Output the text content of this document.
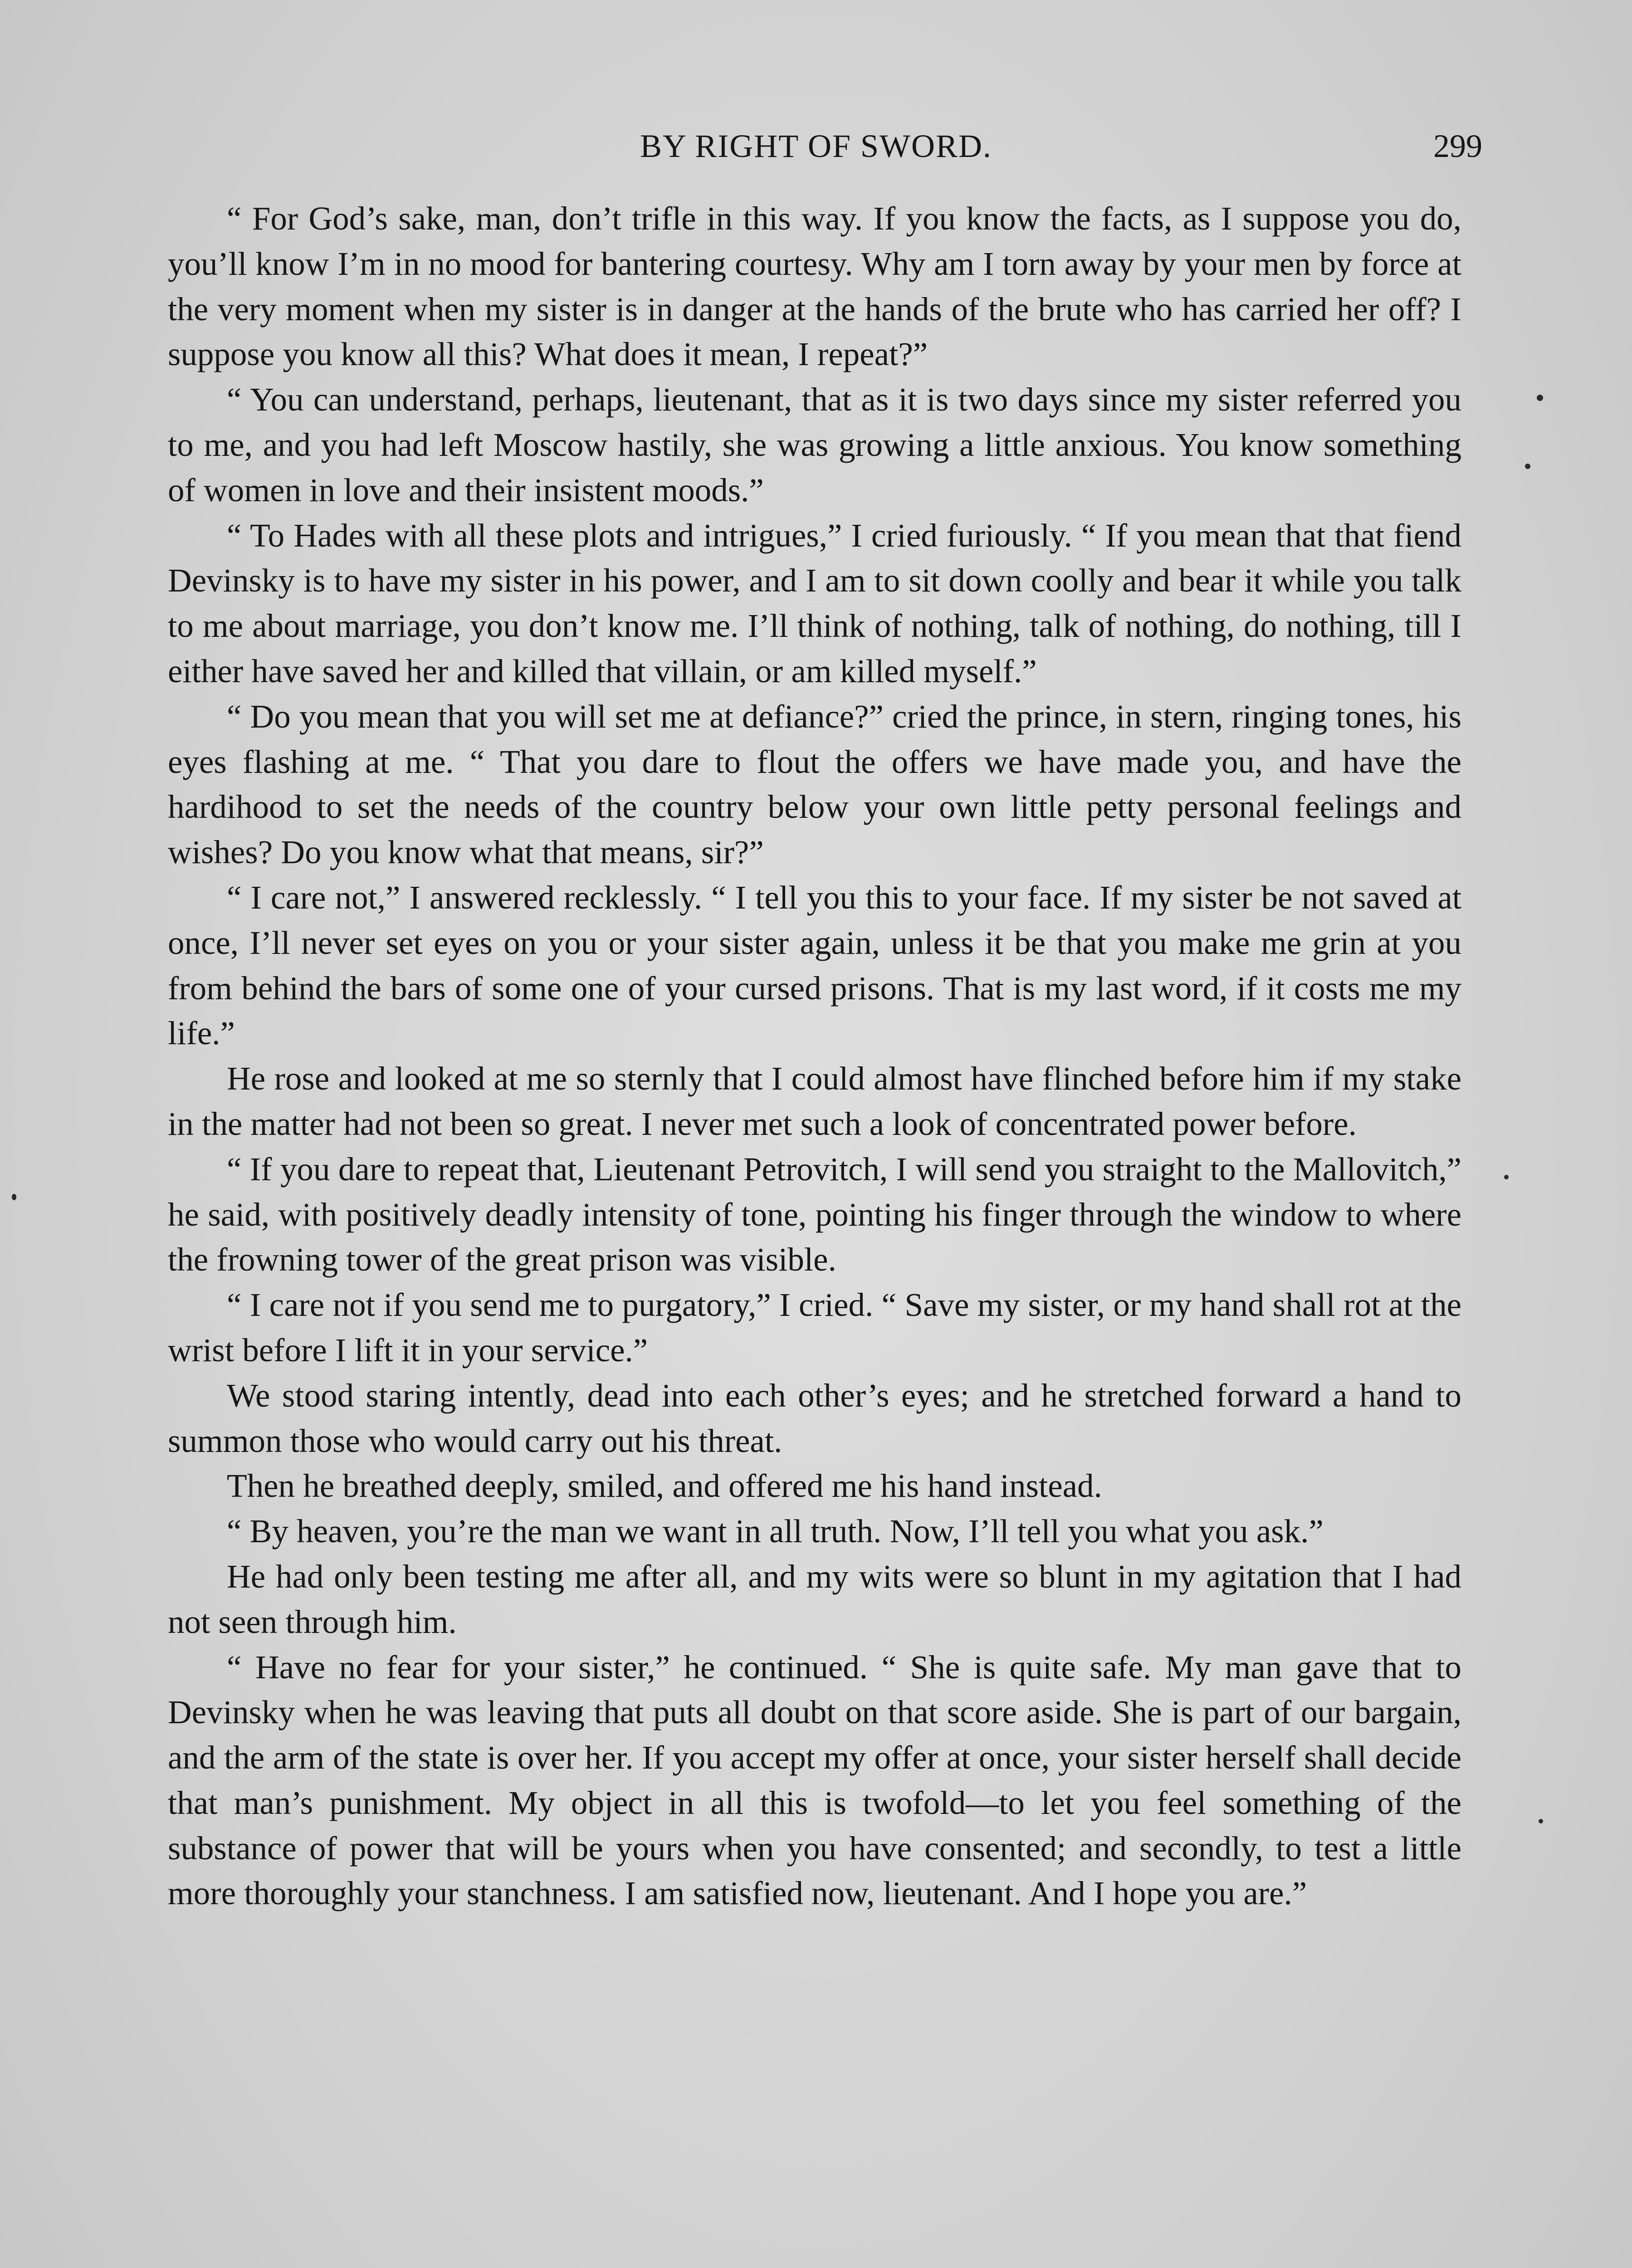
BY RIGHT OF SWORD.	299

“ For God’s sake, man, don’t trifle in this way. If you know the facts, as I suppose you do, you’ll know I’m in no mood for bantering courtesy. Why am I torn away by your men by force at the very moment when my sister is in danger at the hands of the brute who has carried her off? I suppose you know all this? What does it mean, I repeat?”

“ You can understand, perhaps, lieutenant, that as it is two days since my sister referred you to me, and you had left Moscow hastily, she was growing a little anxious. You know something of women in love and their insistent moods.”

“ To Hades with all these plots and intrigues,” I cried furiously. “ If you mean that that fiend Devinsky is to have my sister in his power, and I am to sit down coolly and bear it while you talk to me about marriage, you don’t know me. I’ll think of nothing, talk of nothing, do nothing, till I either have saved her and killed that villain, or am killed myself.”

“ Do you mean that you will set me at defiance?” cried the prince, in stern, ringing tones, his eyes flashing at me. “ That you dare to flout the offers we have made you, and have the hardihood to set the needs of the country below your own little petty personal feelings and wishes? Do you know what that means, sir?”

“ I care not,” I answered recklessly. “ I tell you this to your face. If my sister be not saved at once, I’ll never set eyes on you or your sister again, unless it be that you make me grin at you from behind the bars of some one of your cursed prisons. That is my last word, if it costs me my life.”

He rose and looked at me so sternly that I could almost have flinched before him if my stake in the matter had not been so great. I never met such a look of concentrated power before.

“ If you dare to repeat that, Lieutenant Petrovitch, I will send you straight to the Mallovitch,” he said, with positively deadly intensity of tone, pointing his finger through the window to where the frowning tower of the great prison was visible.

“ I care not if you send me to purgatory,” I cried. “ Save my sister, or my hand shall rot at the wrist before I lift it in your service.”

We stood staring intently, dead into each other’s eyes; and he stretched forward a hand to summon those who would carry out his threat.

Then he breathed deeply, smiled, and offered me his hand instead.

“ By heaven, you’re the man we want in all truth. Now, I’ll tell you what you ask.”

He had only been testing me after all, and my wits were so blunt in my agitation that I had not seen through him.

“ Have no fear for your sister,” he continued. “ She is quite safe. My man gave that to Devinsky when he was leaving that puts all doubt on that score aside. She is part of our bargain, and the arm of the state is over her. If you accept my offer at once, your sister herself shall decide that man’s punishment. My object in all this is twofold—to let you feel something of the substance of power that will be yours when you have consented; and secondly, to test a little more thoroughly your stanchness. I am satisfied now, lieutenant. And I hope you are.”
